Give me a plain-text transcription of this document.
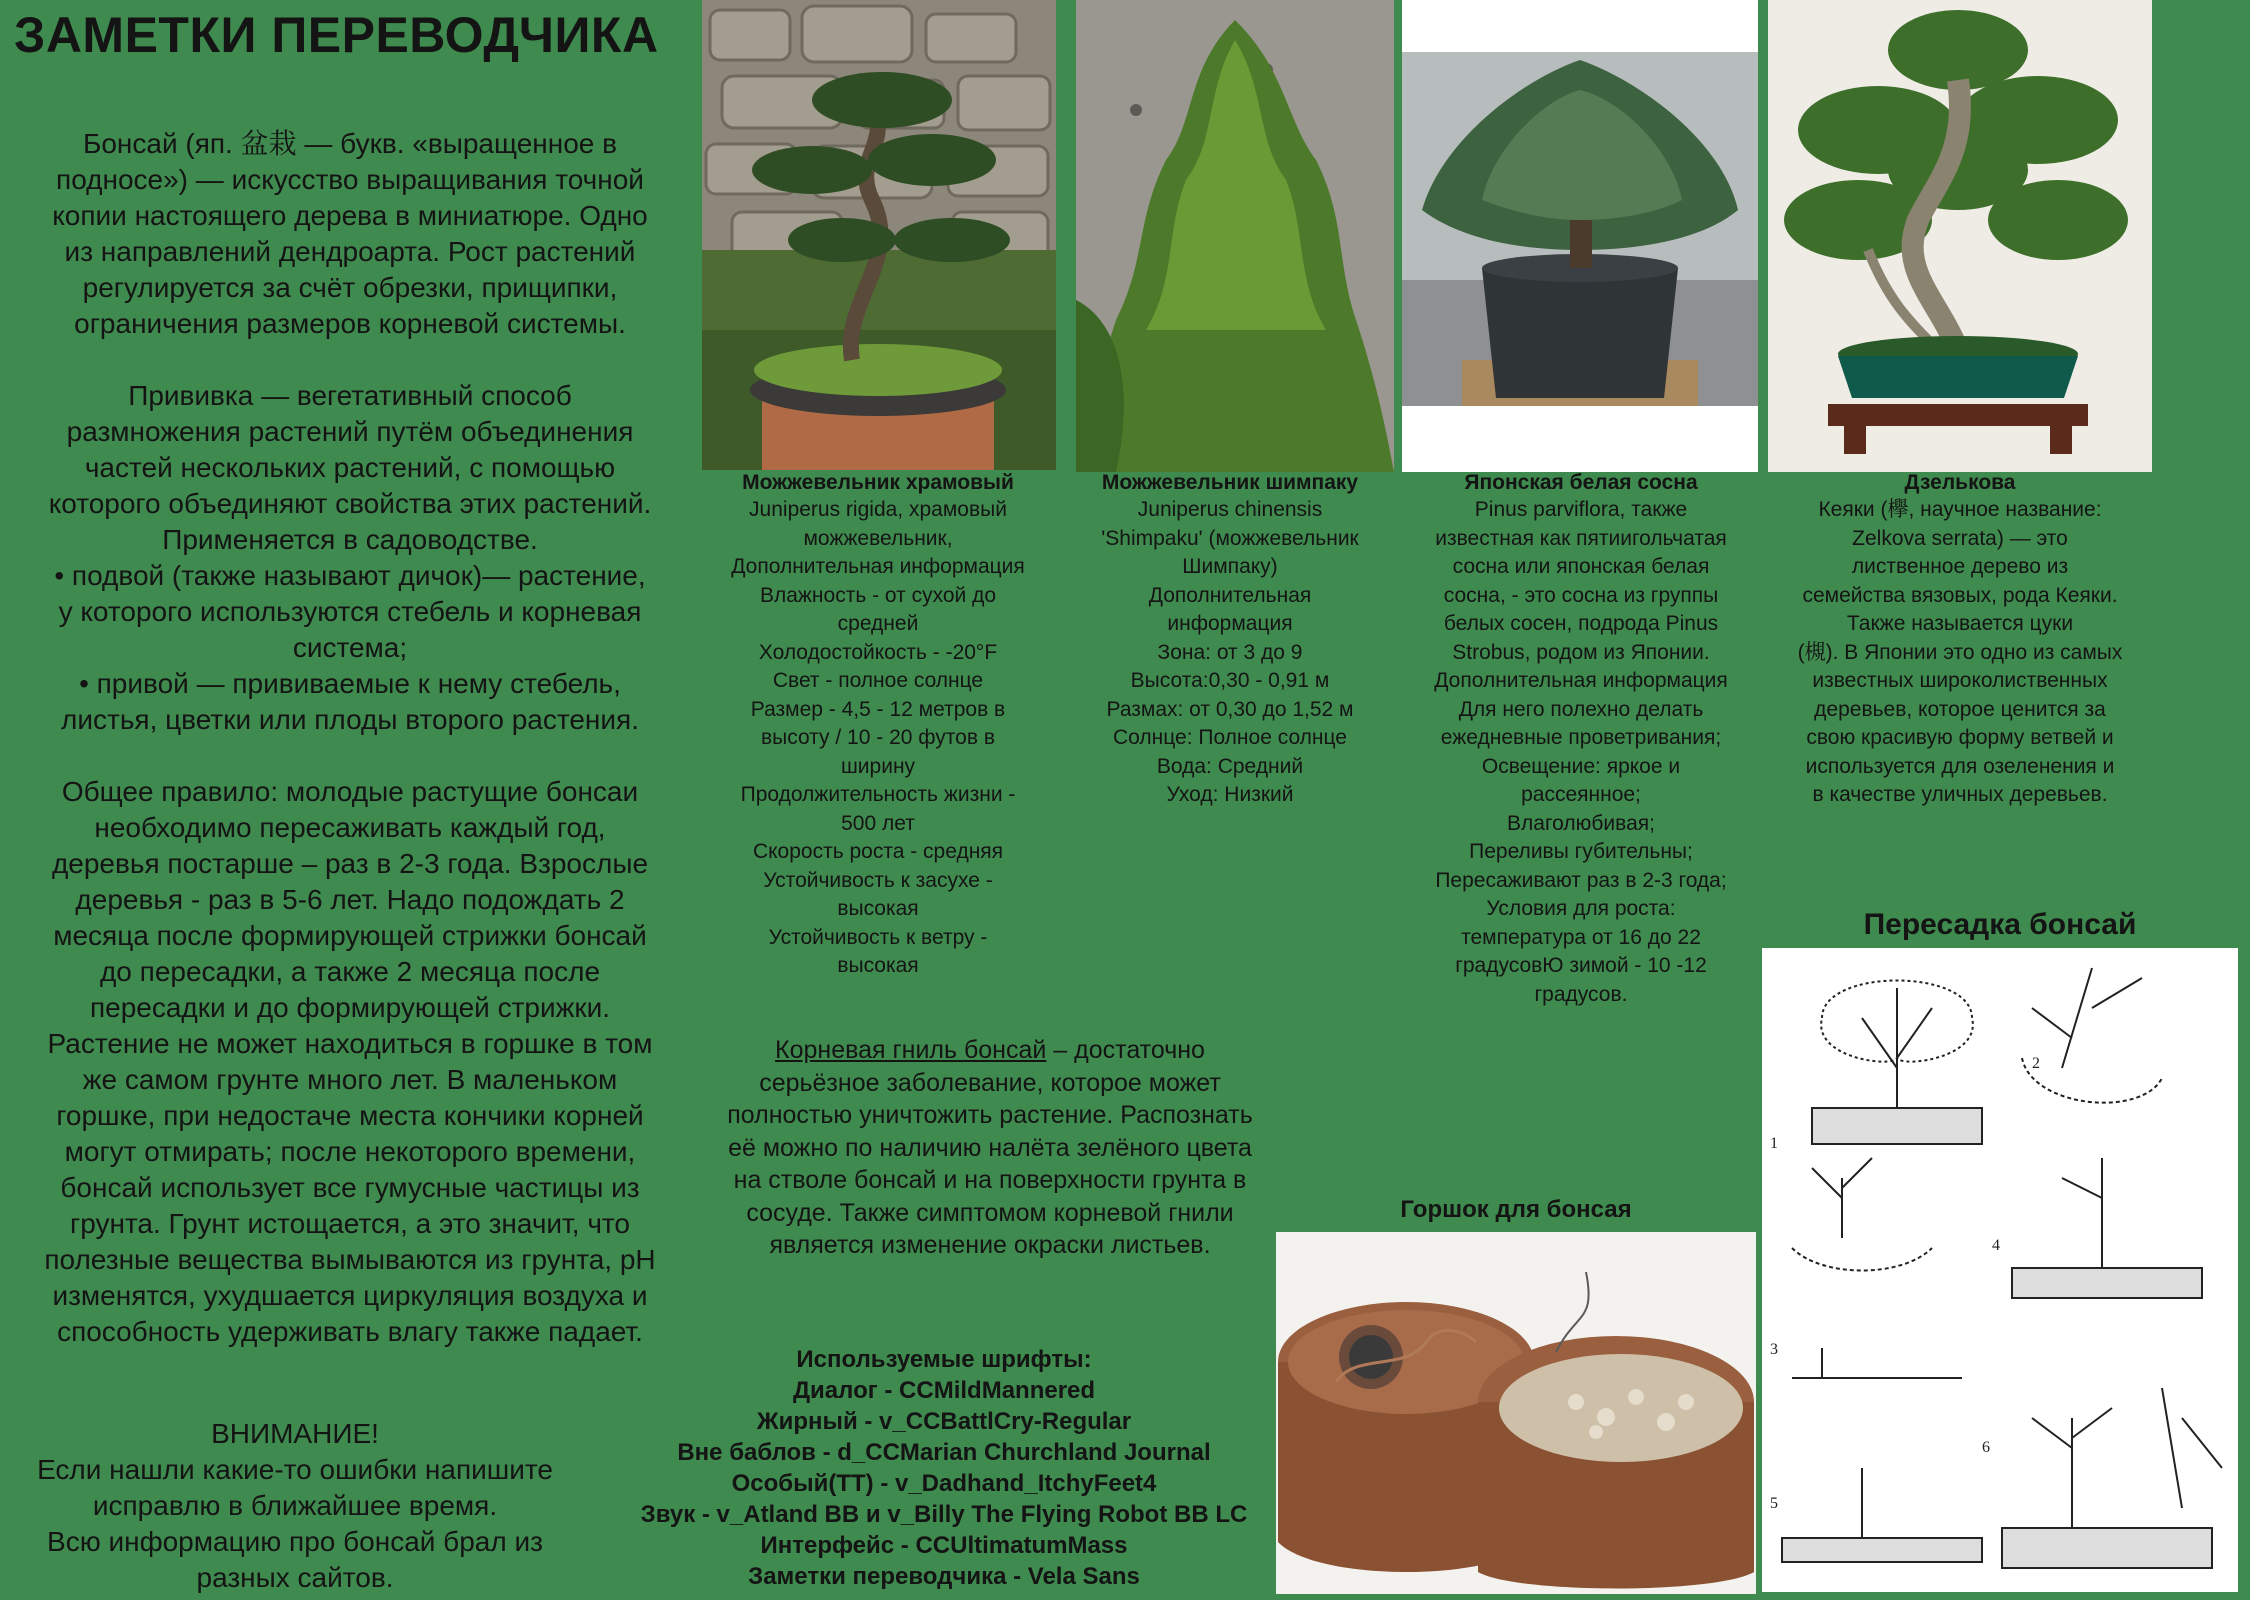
ЗАМЕТКИ ПЕРЕВОДЧИКА

Бонсай (яп. 盆栽 — букв. «выращенное в
подносе») — искусство выращивания точной
копии настоящего дерева в миниатюре. Одно
из направлений дендроарта. Рост растений
регулируется за счёт обрезки, прищипки,
ограничения размеров корневой системы.

Прививка — вегетативный способ
размножения растений путём объединения
частей нескольких растений, с помощью
которого объединяют свойства этих растений.
Применяется в садоводстве.
• подвой (также называют дичок)— растение,
у которого используются стебель и корневая
система;
• привой — прививаемые к нему стебель,
листья, цветки или плоды второго растения.

Общее правило: молодые растущие бонсаи
необходимо пересаживать каждый год,
деревья постарше – раз в 2-3 года. Взрослые
деревья - раз в 5-6 лет. Надо подождать 2
месяца после формирующей стрижки бонсай
до пересадки, а также 2 месяца после
пересадки и до формирующей стрижки.
Растение не может находиться в горшке в том
же самом грунте много лет. В маленьком
горшке, при недостаче места кончики корней
могут отмирать; после некоторого времени,
бонсай использует все гумусные частицы из
грунта. Грунт истощается, а это значит, что
полезные вещества вымываются из грунта, pH
изменятся, ухудшается циркуляция воздуха и
способность удерживать влагу также падает.

ВНИМАНИЕ!
Если нашли какие-то ошибки напишите
исправлю в ближайшее время.
Всю информацию про бонсай брал из
разных сайтов.

Можжевельник храмовый
Juniperus rigida, храмовый
можжевельник,
Дополнительная информация
Влажность - от сухой до
средней
Холодостойкость - -20°F
Свет - полное солнце
Размер - 4,5 - 12 метров в
высоту / 10 - 20 футов в
ширину
Продолжительность жизни -
500 лет
Скорость роста - средняя
Устойчивость к засухе -
высокая
Устойчивость к ветру -
высокая
Можжевельник шимпаку
Juniperus chinensis
'Shimpaku' (можжевельник
Шимпаку)
Дополнительная
информация
Зона: от 3 до 9
Высота:0,30 - 0,91 м
Размах: от 0,30 до 1,52 м
Солнце: Полное солнце
Вода: Средний
Уход: Низкий
Японская белая сосна
Pinus parviflora, также
известная как пятиигольчатая
сосна или японская белая
сосна, - это сосна из группы
белых сосен, подрода Pinus
Strobus, родом из Японии.
Дополнительная информация
Для него полехно делать
ежедневные проветривания;
Освещение: яркое и
рассеянное;
Влаголюбивая;
Переливы губительны;
Пересаживают раз в 2-3 года;
Условия для роста:
температура от 16 до 22
градусовЮ зимой - 10 -12
градусов.
Дзелькова
Кеяки (欅, научное название:
Zelkova serrata) — это
лиственное дерево из
семейства вязовых, рода Кеяки.
Также называется цуки
(槻). В Японии это одно из самых
известных широколиственных
деревьев, которое ценится за
свою красивую форму ветвей и
используется для озеленения и
в качестве уличных деревьев.
Корневая гниль бонсай – достаточно серьёзное заболевание, которое может полностью уничтожить растение. Распознать её можно по наличию налёта зелёного цвета на стволе бонсай и на поверхности грунта в сосуде. Также симптомом корневой гнили является изменение окраски листьев.
Используемые шрифты:
Диалог - CCMildMannered
Жирный - v_CCBattlCry-Regular
Вне баблов - d_CCMarian Churchland Journal
Особый(ТТ) - v_Dadhand_ItchyFeet4
Звук - v_Atland BB и v_Billy The Flying Robot BB LC
Интерфейс - CCUltimatumMass
Заметки переводчика - Vela Sans
Горшок для бонсая
Пересадка бонсай
1
2
3
4
5
6
